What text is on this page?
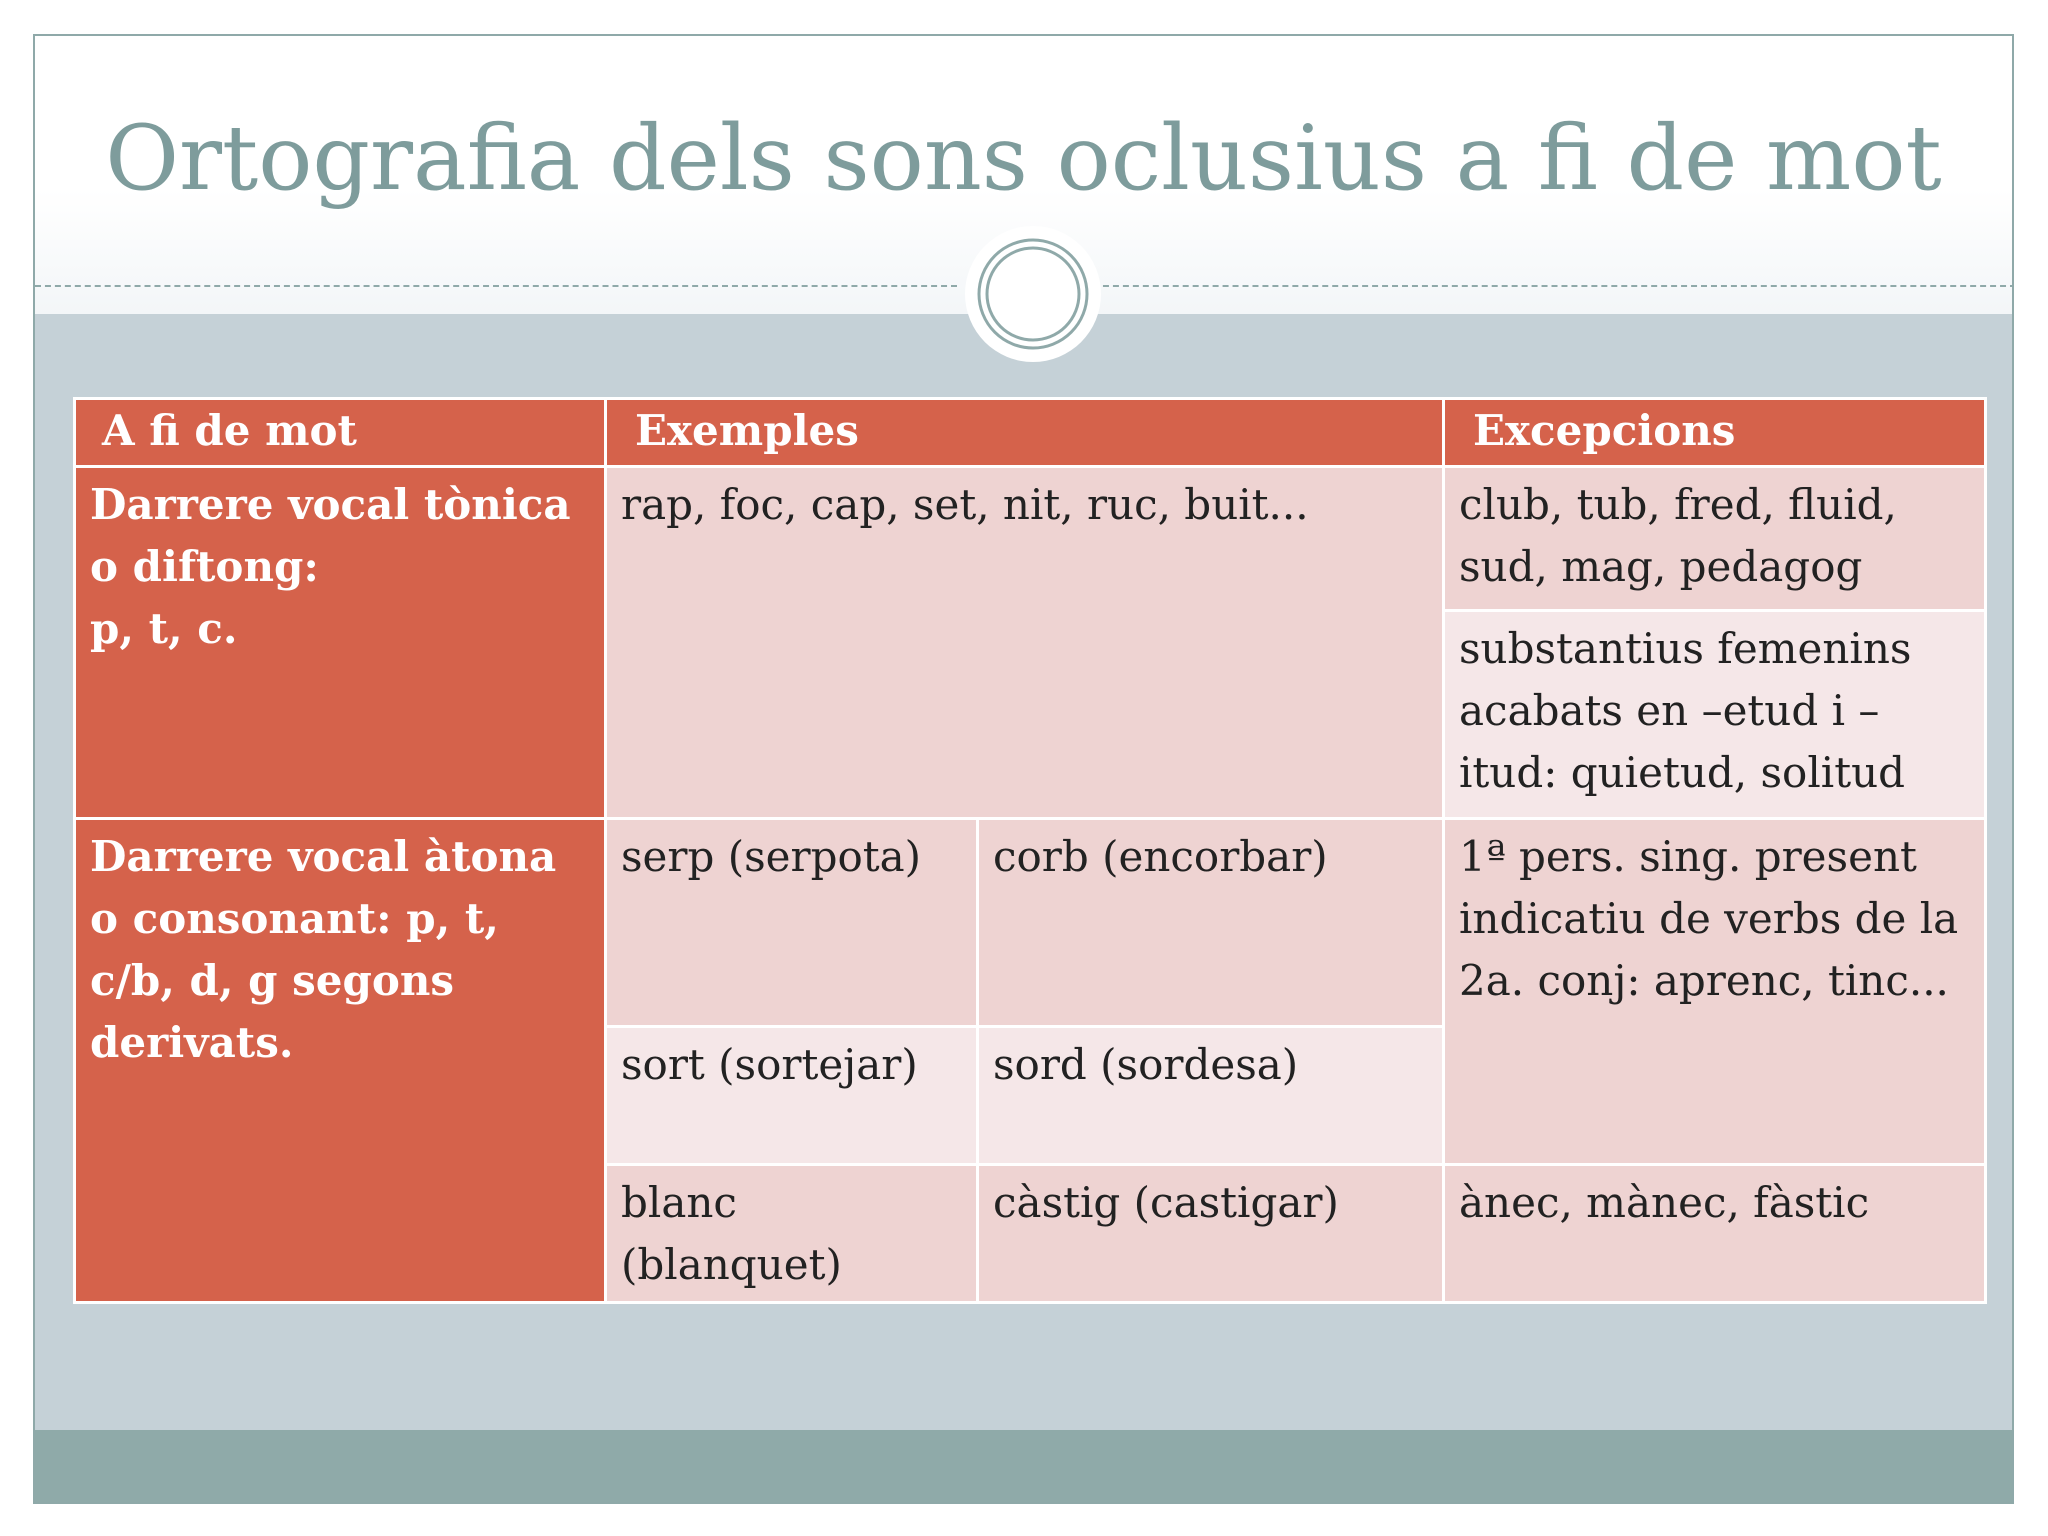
Ortografia dels sons oclusius a fi de mot
A fi de mot	Exemples		Excepcions

Darrere vocal tònica
o diftong:
p, t, c.	rap, foc, cap, set, nit, ruc, buit...		club, tub, fred, fluid, sud, mag, pedagog
			substantius femenins acabats en –etud i –itud: quietud, solitud
Darrere vocal àtona o consonant: p, t, c/b, d, g segons derivats.	serp (serpota)	corb (encorbar)	1ª pers. sing. present indicatiu de verbs de la 2a. conj: aprenc, tinc...
	sort (sortejar)	sord (sordesa)	
	blanc (blanquet)	càstig (castigar)	ànec, mànec, fàstic
